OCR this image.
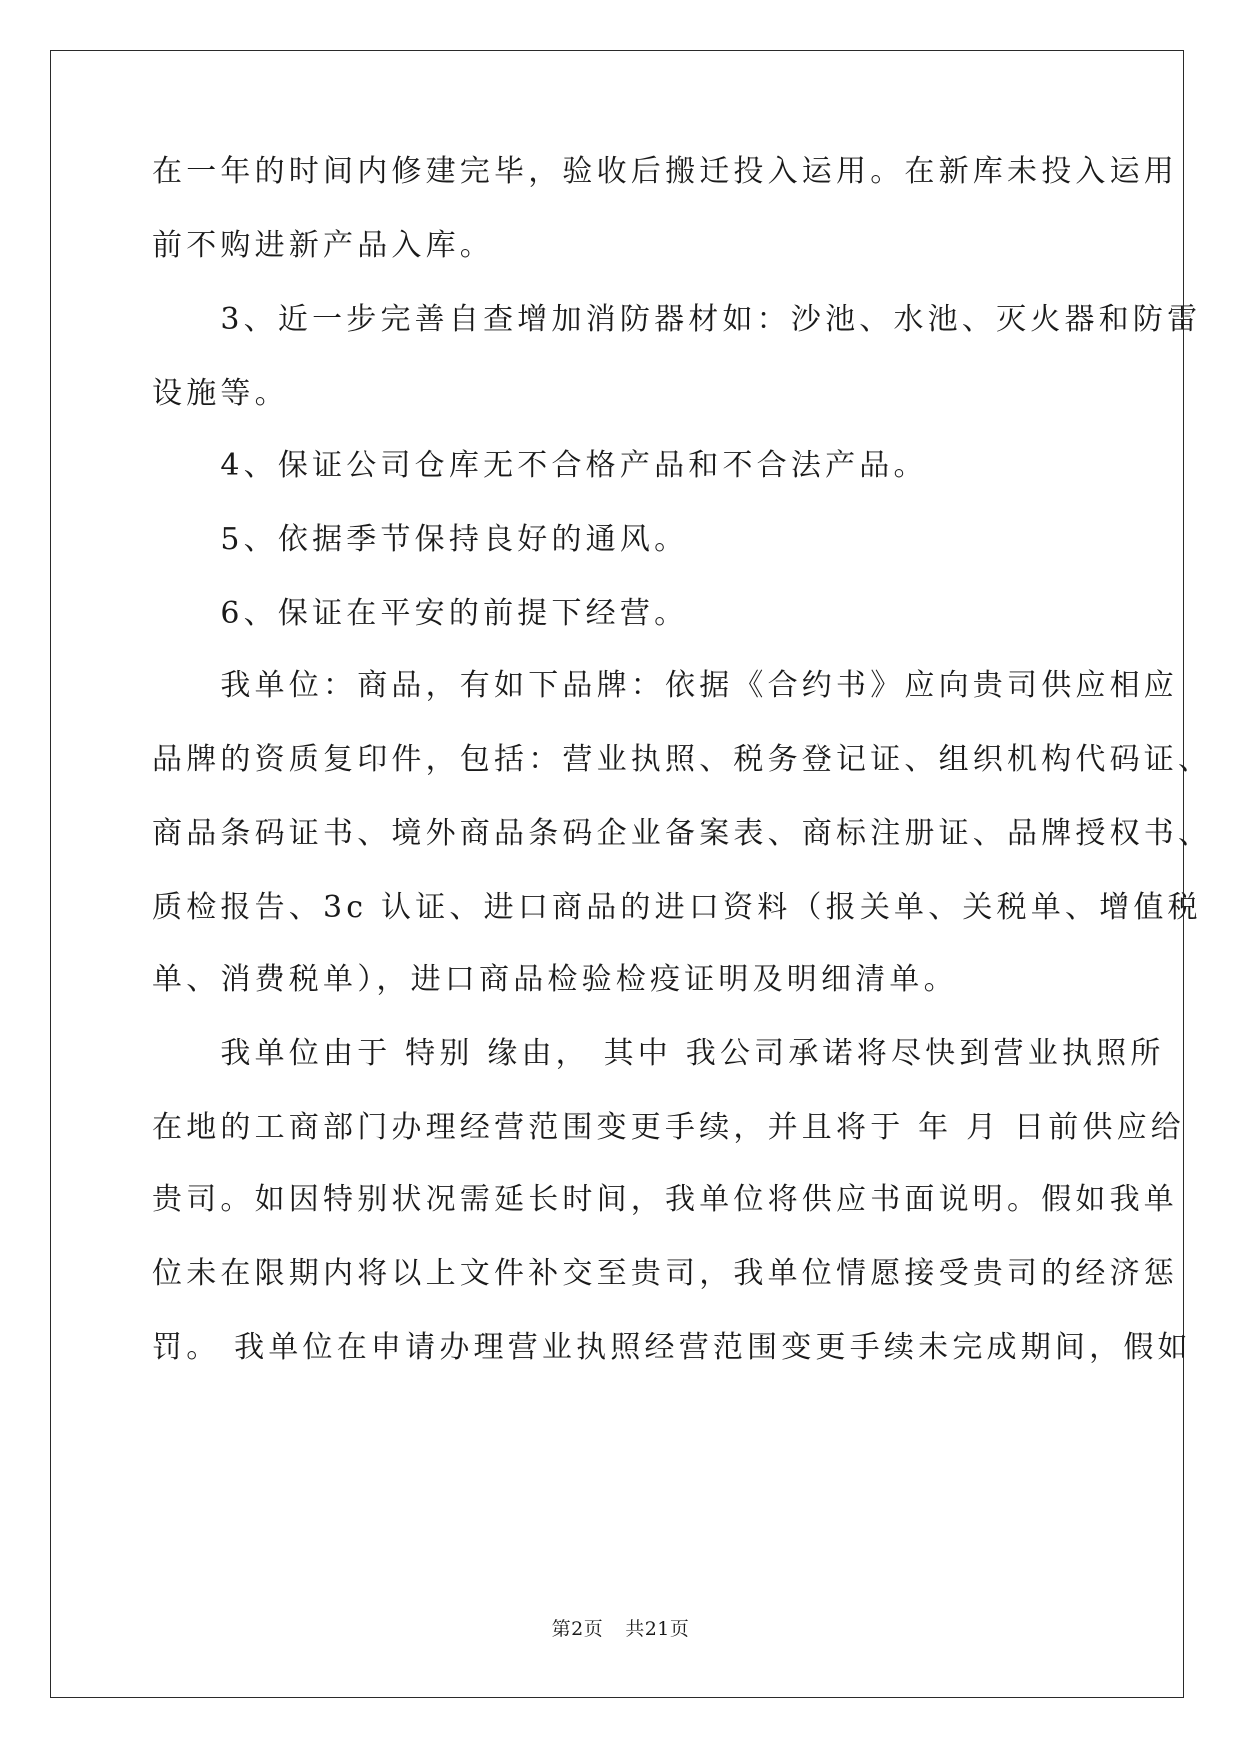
在一年的时间内修建完毕，验收后搬迁投入运用。在新库未投入运用
前不购进新产品入库。
　　3、近一步完善自查增加消防器材如：沙池、水池、灭火器和防雷
设施等。
　　4、保证公司仓库无不合格产品和不合法产品。
　　5、依据季节保持良好的通风。
　　6、保证在平安的前提下经营。
　　我单位：商品，有如下品牌：依据《合约书》应向贵司供应相应
品牌的资质复印件，包括：营业执照、税务登记证、组织机构代码证、
商品条码证书、境外商品条码企业备案表、商标注册证、品牌授权书、
质检报告、3c 认证、进口商品的进口资料（报关单、关税单、增值税
单、消费税单），进口商品检验检疫证明及明细清单。
　　我单位由于 特别 缘由， 其中 我公司承诺将尽快到营业执照所
在地的工商部门办理经营范围变更手续，并且将于 年 月 日前供应给
贵司。如因特别状况需延长时间，我单位将供应书面说明。假如我单
位未在限期内将以上文件补交至贵司，我单位情愿接受贵司的经济惩
罚。 我单位在申请办理营业执照经营范围变更手续未完成期间，假如
第2页 共21页
